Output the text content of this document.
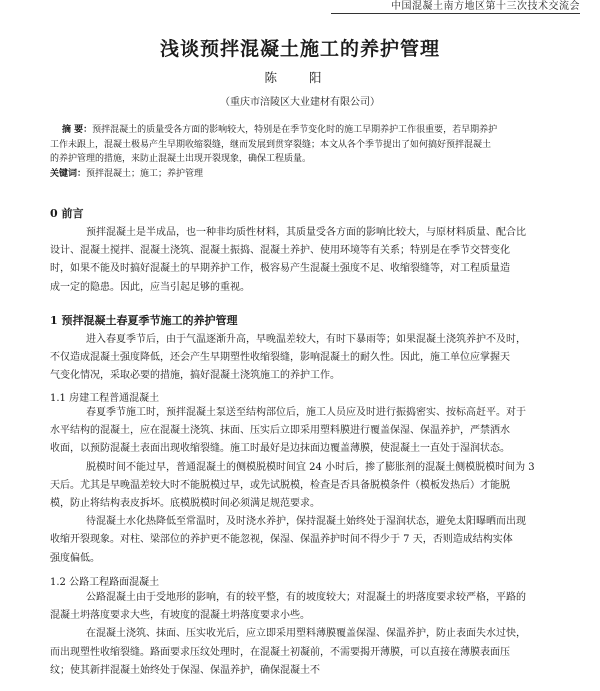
中国混凝土南方地区第十三次技术交流会
浅谈预拌混凝土施工的养护管理
陈 阳
（重庆市涪陵区大业建材有限公司）
摘 要：预拌混凝土的质量受各方面的影响较大，特别是在季节变化时的施工早期养护工作很重要，若早期养护
工作未跟上，混凝土极易产生早期收缩裂缝，继而发展到贯穿裂缝；本文从各个季节提出了如何搞好预拌混凝土
的养护管理的措施，来防止混凝土出现开裂现象，确保工程质量。
关键词：预拌混凝土；施工；养护管理
0 前言
预拌混凝土是半成品，也一种非均质性材料，其质量受各方面的影响比较大，与原材料质量、配合比
设计、混凝土搅拌、混凝土浇筑、混凝土振捣、混凝土养护、使用环境等有关系；特别是在季节交替变化
时，如果不能及时搞好混凝土的早期养护工作，极容易产生混凝土强度不足、收缩裂缝等，对工程质量造
成一定的隐患。因此，应当引起足够的重视。
1 预拌混凝土春夏季节施工的养护管理
进入春夏季节后，由于气温逐渐升高，早晚温差较大，有时下暴雨等；如果混凝土浇筑养护不及时，
不仅造成混凝土强度降低，还会产生早期塑性收缩裂缝，影响混凝土的耐久性。因此，施工单位应掌握天
气变化情况，采取必要的措施，搞好混凝土浇筑施工的养护工作。
1.1 房建工程普通混凝土
春夏季节施工时，预拌混凝土泵送至结构部位后，施工人员应及时进行振捣密实、按标高赶平。对于
水平结构的混凝土，应在混凝土浇筑、抹面、压实后立即采用塑料膜进行覆盖保湿、保温养护，严禁洒水
收面，以预防混凝土表面出现收缩裂缝。施工时最好是边抹面边覆盖薄膜，使混凝土一直处于湿润状态。
脱模时间不能过早，普通混凝土的侧模脱模时间宜 24 小时后，掺了膨胀剂的混凝土侧模脱模时间为 3
天后。尤其是早晚温差较大时不能脱模过早，或先试脱模，检查是否具备脱模条件（模板发热后）才能脱
模，防止将结构表皮拆坏。底模脱模时间必须满足规范要求。
待混凝土水化热降低至常温时，及时浇水养护，保持混凝土始终处于湿润状态，避免太阳曝晒而出现
收缩开裂现象。对柱、梁部位的养护更不能忽视，保湿、保温养护时间不得少于 7 天，否则造成结构实体
强度偏低。
1.2 公路工程路面混凝土
公路混凝土由于受地形的影响，有的较平整，有的坡度较大；对混凝土的坍落度要求较严格，平路的
混凝土坍落度要求大些，有坡度的混凝土坍落度要求小些。
在混凝土浇筑、抹面、压实收光后，应立即采用塑料薄膜覆盖保湿、保温养护，防止表面失水过快，
而出现塑性收缩裂缝。路面要求压纹处理时，在混凝土初凝前，不需要揭开薄膜，可以直接在薄膜表面压
纹；使其新拌混凝土始终处于保湿、保温养护，确保混凝土不
